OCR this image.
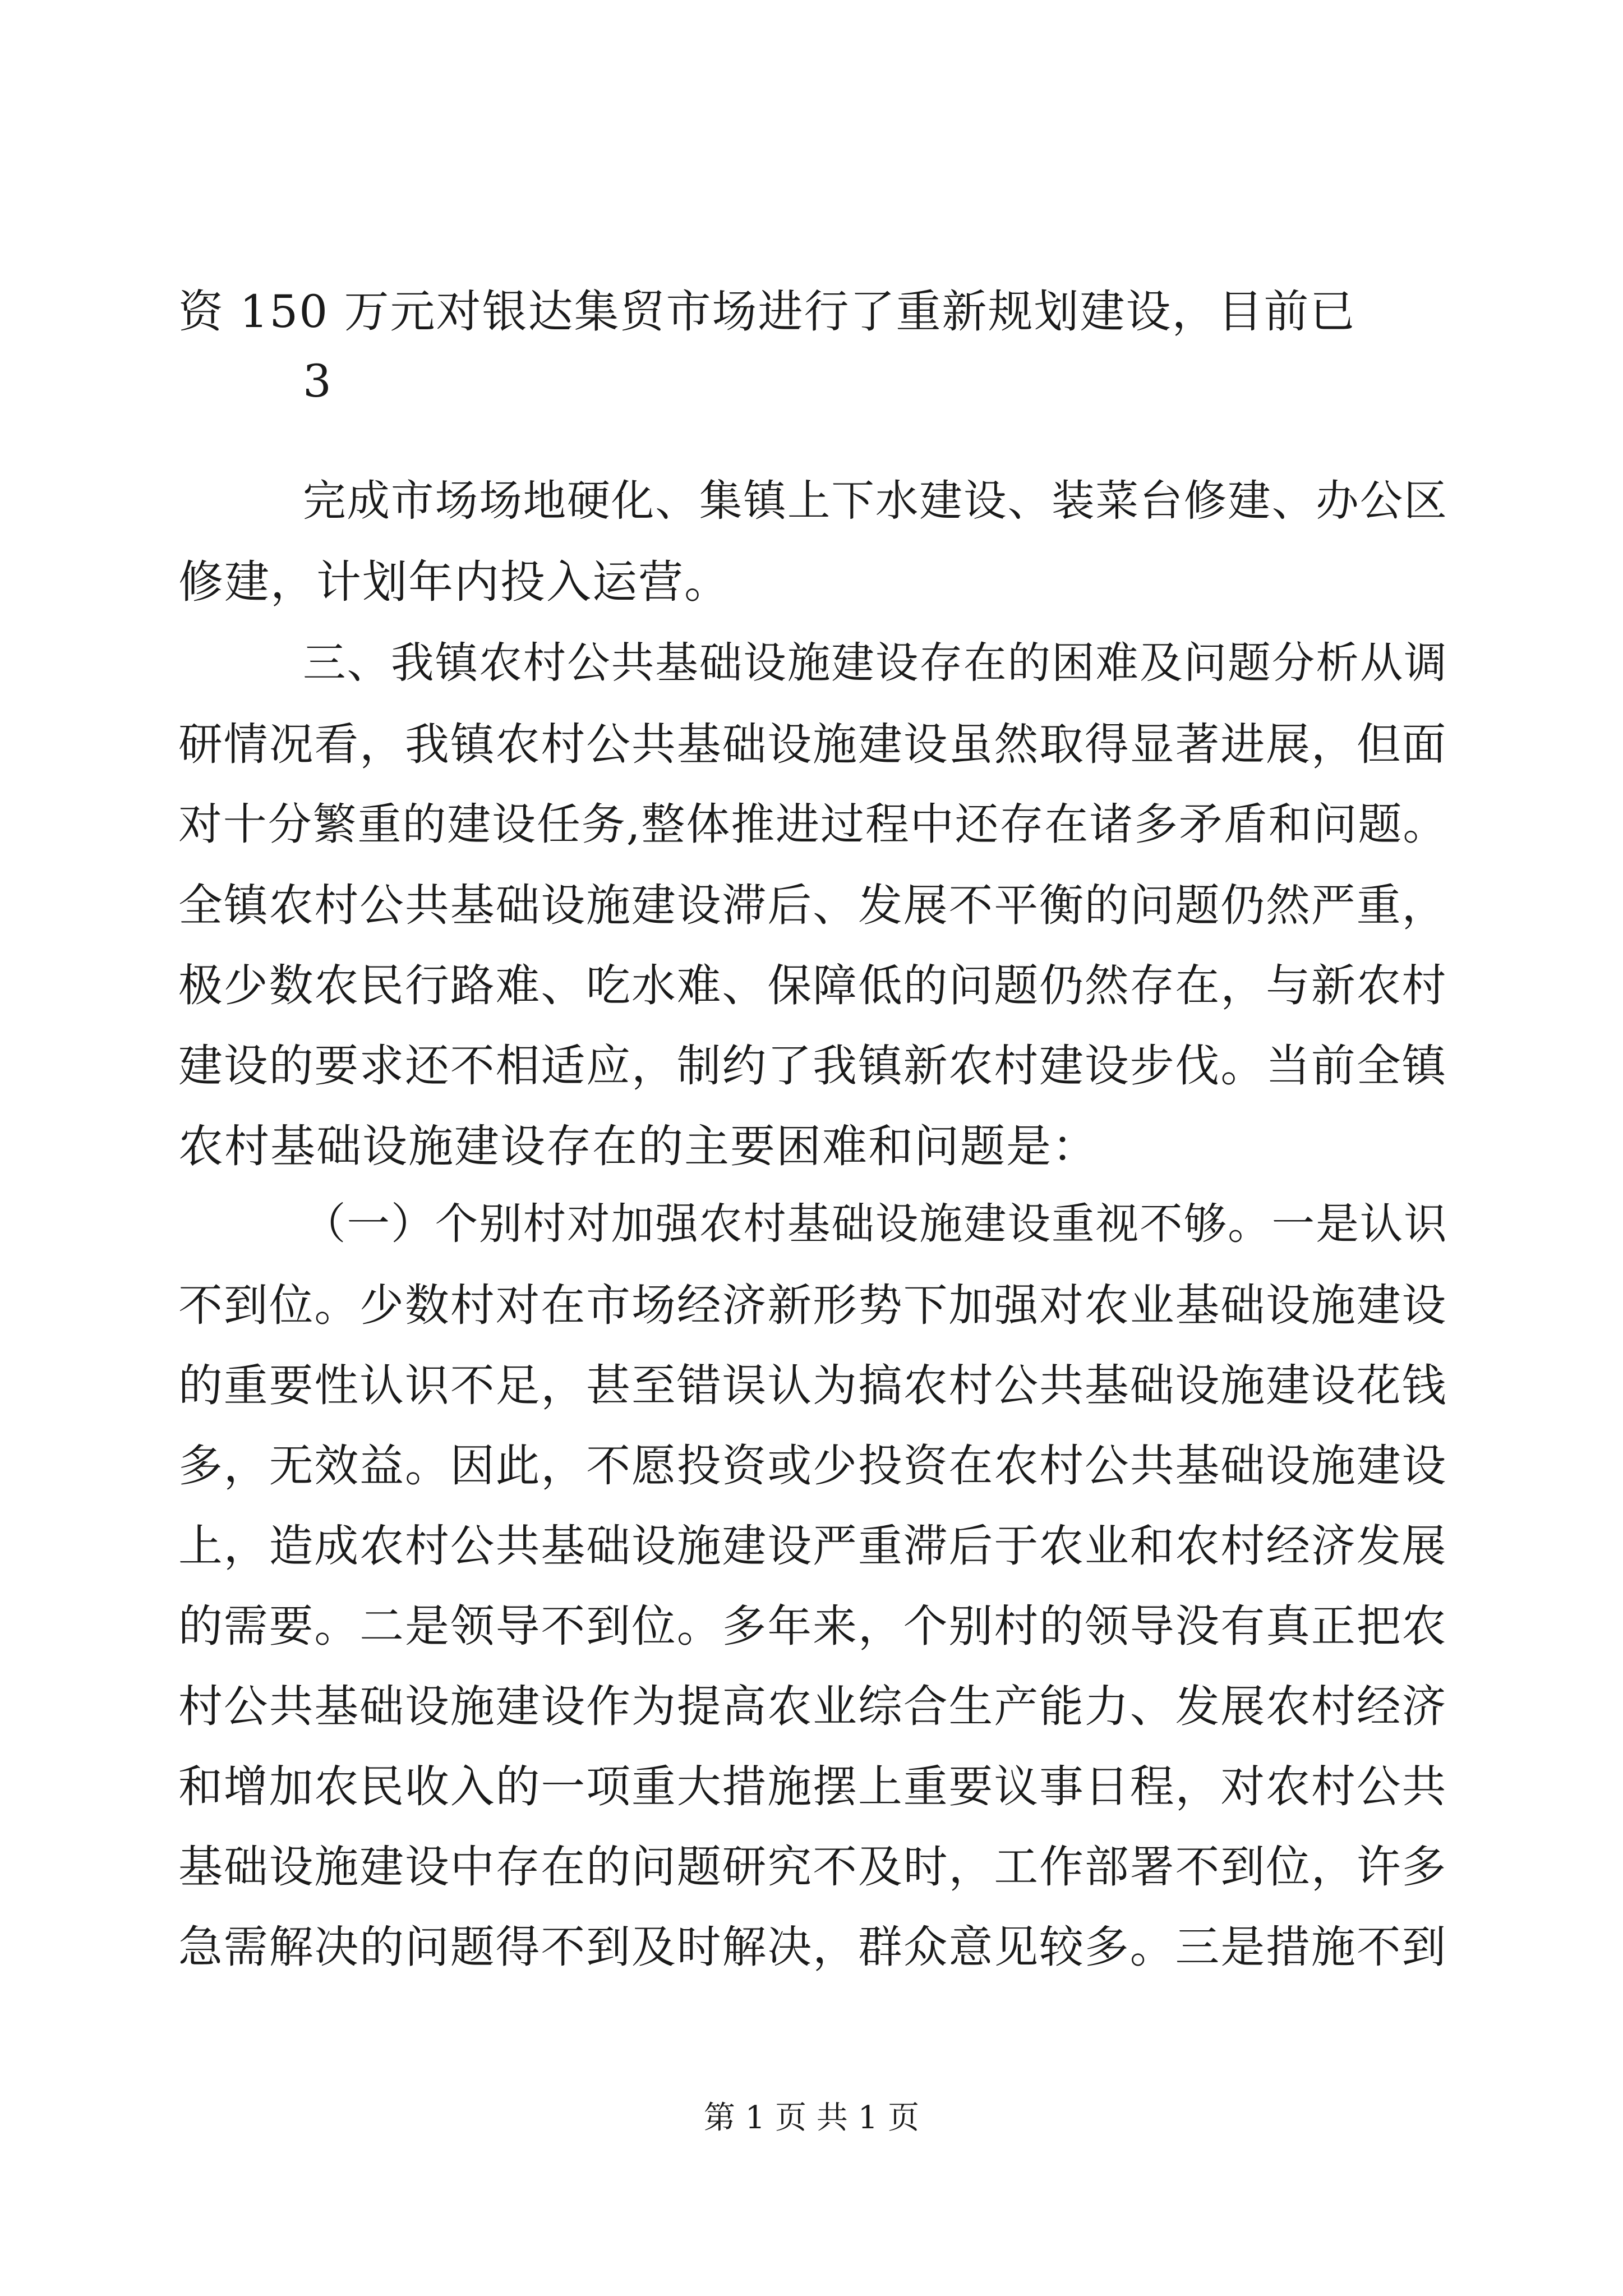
资 150 万元对银达集贸市场进行了重新规划建设，目前已
3
完成市场场地硬化、集镇上下水建设、装菜台修建、办公区
修建，计划年内投入运营。
三、我镇农村公共基础设施建设存在的困难及问题分析从调
研情况看，我镇农村公共基础设施建设虽然取得显著进展，但面
对十分繁重的建设任务,整体推进过程中还存在诸多矛盾和问题。
全镇农村公共基础设施建设滞后、发展不平衡的问题仍然严重，
极少数农民行路难、吃水难、保障低的问题仍然存在，与新农村
建设的要求还不相适应，制约了我镇新农村建设步伐。当前全镇
农村基础设施建设存在的主要困难和问题是：
（一）个别村对加强农村基础设施建设重视不够。一是认识
不到位。少数村对在市场经济新形势下加强对农业基础设施建设
的重要性认识不足，甚至错误认为搞农村公共基础设施建设花钱
多，无效益。因此，不愿投资或少投资在农村公共基础设施建设
上，造成农村公共基础设施建设严重滞后于农业和农村经济发展
的需要。二是领导不到位。多年来，个别村的领导没有真正把农
村公共基础设施建设作为提高农业综合生产能力、发展农村经济
和增加农民收入的一项重大措施摆上重要议事日程，对农村公共
基础设施建设中存在的问题研究不及时，工作部署不到位，许多
急需解决的问题得不到及时解决，群众意见较多。三是措施不到
第 1 页 共 1 页
